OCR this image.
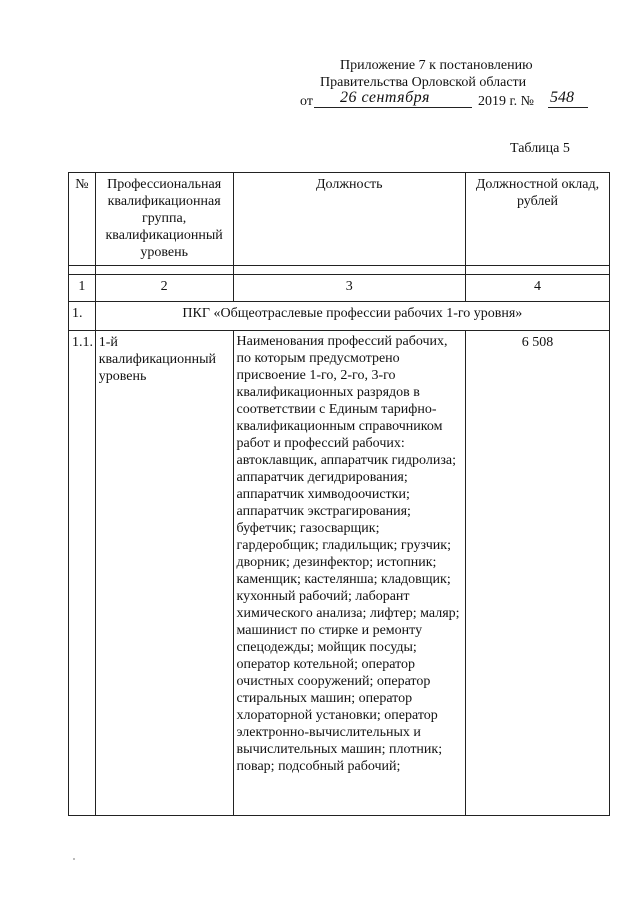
Приложение 7 к постановлению
Правительства Орловской области
от 26 сентября	2019 г. № 548
Таблица 5
№	Профессиональная квалификационная группа, квалификационный уровень	Должность	Должностной оклад, рублей

1	2	3	4
1.	ПКГ «Общеотраслевые профессии рабочих 1-го уровня»		
1.1.	1-й квалификационный уровень	Наименования профессий рабочих, по которым предусмотрено присвоение 1-го, 2-го, 3-го квалификационных разрядов в соответствии с Единым тарифно-квалификационным справочником работ и профессий рабочих: автоклавщик, аппаратчик гидролиза; аппаратчик дегидрирования; аппаратчик химводоочистки; аппаратчик экстрагирования; буфетчик; газосварщик; гардеробщик; гладильщик; грузчик; дворник; дезинфектор; истопник; каменщик; кастелянша; кладовщик; кухонный рабочий; лаборант химического анализа; лифтер; маляр; машинист по стирке и ремонту спецодежды; мойщик посуды; оператор котельной; оператор очистных сооружений; оператор стиральных машин; оператор хлораторной установки; оператор электронно-вычислительных и вычислительных машин; плотник; повар; подсобный рабочий;	6 508
